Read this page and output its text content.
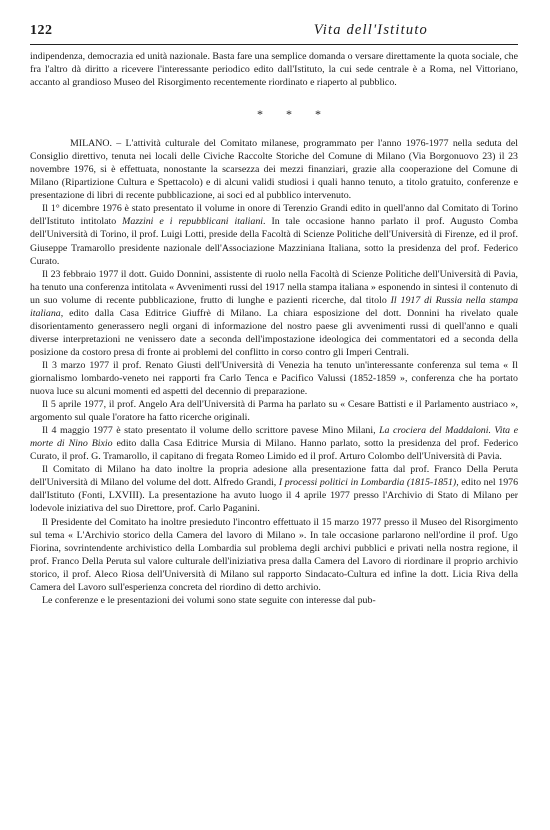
122	Vita dell'Istituto

indipendenza, democrazia ed unità nazionale. Basta fare una semplice domanda o versare direttamente la quota sociale, che fra l'altro dà diritto a ricevere l'interessante periodico edito dall'Istituto, la cui sede centrale è a Roma, nel Vittoriano, accanto al grandioso Museo del Risorgimento recentemente riordinato e riaperto al pubblico.

* * *

MILANO. – L'attività culturale del Comitato milanese, programmato per l'anno 1976-1977 nella seduta del Consiglio direttivo, tenuta nei locali delle Civiche Raccolte Storiche del Comune di Milano (Via Borgonuovo 23) il 23 novembre 1976, si è effettuata, nonostante la scarsezza dei mezzi finanziari, grazie alla cooperazione del Comune di Milano (Ripartizione Cultura e Spettacolo) e di alcuni validi studiosi i quali hanno tenuto, a titolo gratuito, conferenze e presentazione di libri di recente pubblicazione, ai soci ed al pubblico intervenuto.

Il 1° dicembre 1976 è stato presentato il volume in onore di Terenzio Grandi edito in quell'anno dal Comitato di Torino dell'Istituto intitolato Mazzini e i repubblicani italiani. In tale occasione hanno parlato il prof. Augusto Comba dell'Università di Torino, il prof. Luigi Lotti, preside della Facoltà di Scienze Politiche dell'Università di Firenze, ed il prof. Giuseppe Tramarollo presidente nazionale dell'Associazione Mazziniana Italiana, sotto la presidenza del prof. Federico Curato.

Il 23 febbraio 1977 il dott. Guido Donnini, assistente di ruolo nella Facoltà di Scienze Politiche dell'Università di Pavia, ha tenuto una conferenza intitolata « Avvenimenti russi del 1917 nella stampa italiana » esponendo in sintesi il contenuto di un suo volume di recente pubblicazione, frutto di lunghe e pazienti ricerche, dal titolo Il 1917 di Russia nella stampa italiana, edito dalla Casa Editrice Giuffrè di Milano. La chiara esposizione del dott. Donnini ha rivelato quale disorientamento generassero negli organi di informazione del nostro paese gli avvenimenti russi di quell'anno e quali diverse interpretazioni ne venissero date a seconda dell'impostazione ideologica dei commentatori ed a seconda della posizione da costoro presa di fronte ai problemi del conflitto in corso contro gli Imperi Centrali.

Il 3 marzo 1977 il prof. Renato Giusti dell'Università di Venezia ha tenuto un'interessante conferenza sul tema « Il giornalismo lombardo-veneto nei rapporti fra Carlo Tenca e Pacifico Valussi (1852-1859 », conferenza che ha portato nuova luce su alcuni momenti ed aspetti del decennio di preparazione.

Il 5 aprile 1977, il prof. Angelo Ara dell'Università di Parma ha parlato su « Cesare Battisti e il Parlamento austriaco », argomento sul quale l'oratore ha fatto ricerche originali.

Il 4 maggio 1977 è stato presentato il volume dello scrittore pavese Mino Milani, La crociera del Maddaloni. Vita e morte di Nino Bixio edito dalla Casa Editrice Mursia di Milano. Hanno parlato, sotto la presidenza del prof. Federico Curato, il prof. G. Tramarollo, il capitano di fregata Romeo Limido ed il prof. Arturo Colombo dell'Università di Pavia.

Il Comitato di Milano ha dato inoltre la propria adesione alla presentazione fatta dal prof. Franco Della Peruta dell'Università di Milano del volume del dott. Alfredo Grandi, I processi politici in Lombardia (1815-1851), edito nel 1976 dall'Istituto (Fonti, LXVIII). La presentazione ha avuto luogo il 4 aprile 1977 presso l'Archivio di Stato di Milano per lodevole iniziativa del suo Direttore, prof. Carlo Paganini.

Il Presidente del Comitato ha inoltre presieduto l'incontro effettuato il 15 marzo 1977 presso il Museo del Risorgimento sul tema « L'Archivio storico della Camera del lavoro di Milano ». In tale occasione parlarono nell'ordine il prof. Ugo Fiorina, sovrintendente archivistico della Lombardia sul problema degli archivi pubblici e privati nella nostra regione, il prof. Franco Della Peruta sul valore culturale dell'iniziativa presa dalla Camera del Lavoro di riordinare il proprio archivio storico, il prof. Aleco Riosa dell'Università di Milano sul rapporto Sindacato-Cultura ed infine la dott. Licia Riva della Camera del Lavoro sull'esperienza concreta del riordino di detto archivio.

Le conferenze e le presentazioni dei volumi sono state seguite con interesse dal pub-
